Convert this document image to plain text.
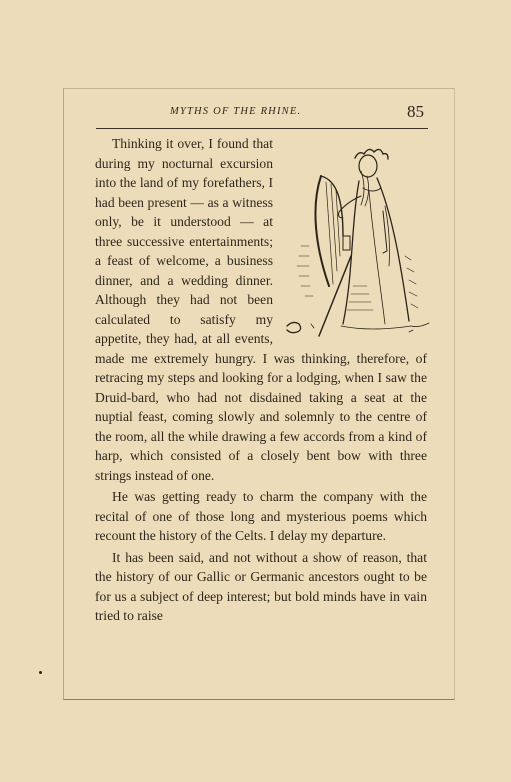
MYTHS OF THE RHINE.	85

Thinking it over, I found that during my nocturnal excursion into the land of my forefathers, I had been present — as a witness only, be it understood — at three successive entertainments; a feast of welcome, a business dinner, and a wedding dinner. Although they had not been calculated to satisfy my appetite, they had, at all events, made me extremely hungry. I was thinking, therefore, of retracing my steps and looking for a lodging, when I saw the Druid-bard, who had not disdained taking a seat at the nuptial feast, coming slowly and solemnly to the centre of the room, all the while drawing a few accords from a kind of harp, which consisted of a closely bent bow with three strings instead of one.

He was getting ready to charm the company with the recital of one of those long and mysterious poems which recount the history of the Celts. I delay my departure.

It has been said, and not without a show of reason, that the history of our Gallic or Germanic ancestors ought to be for us a subject of deep interest; but bold minds have in vain tried to raise
